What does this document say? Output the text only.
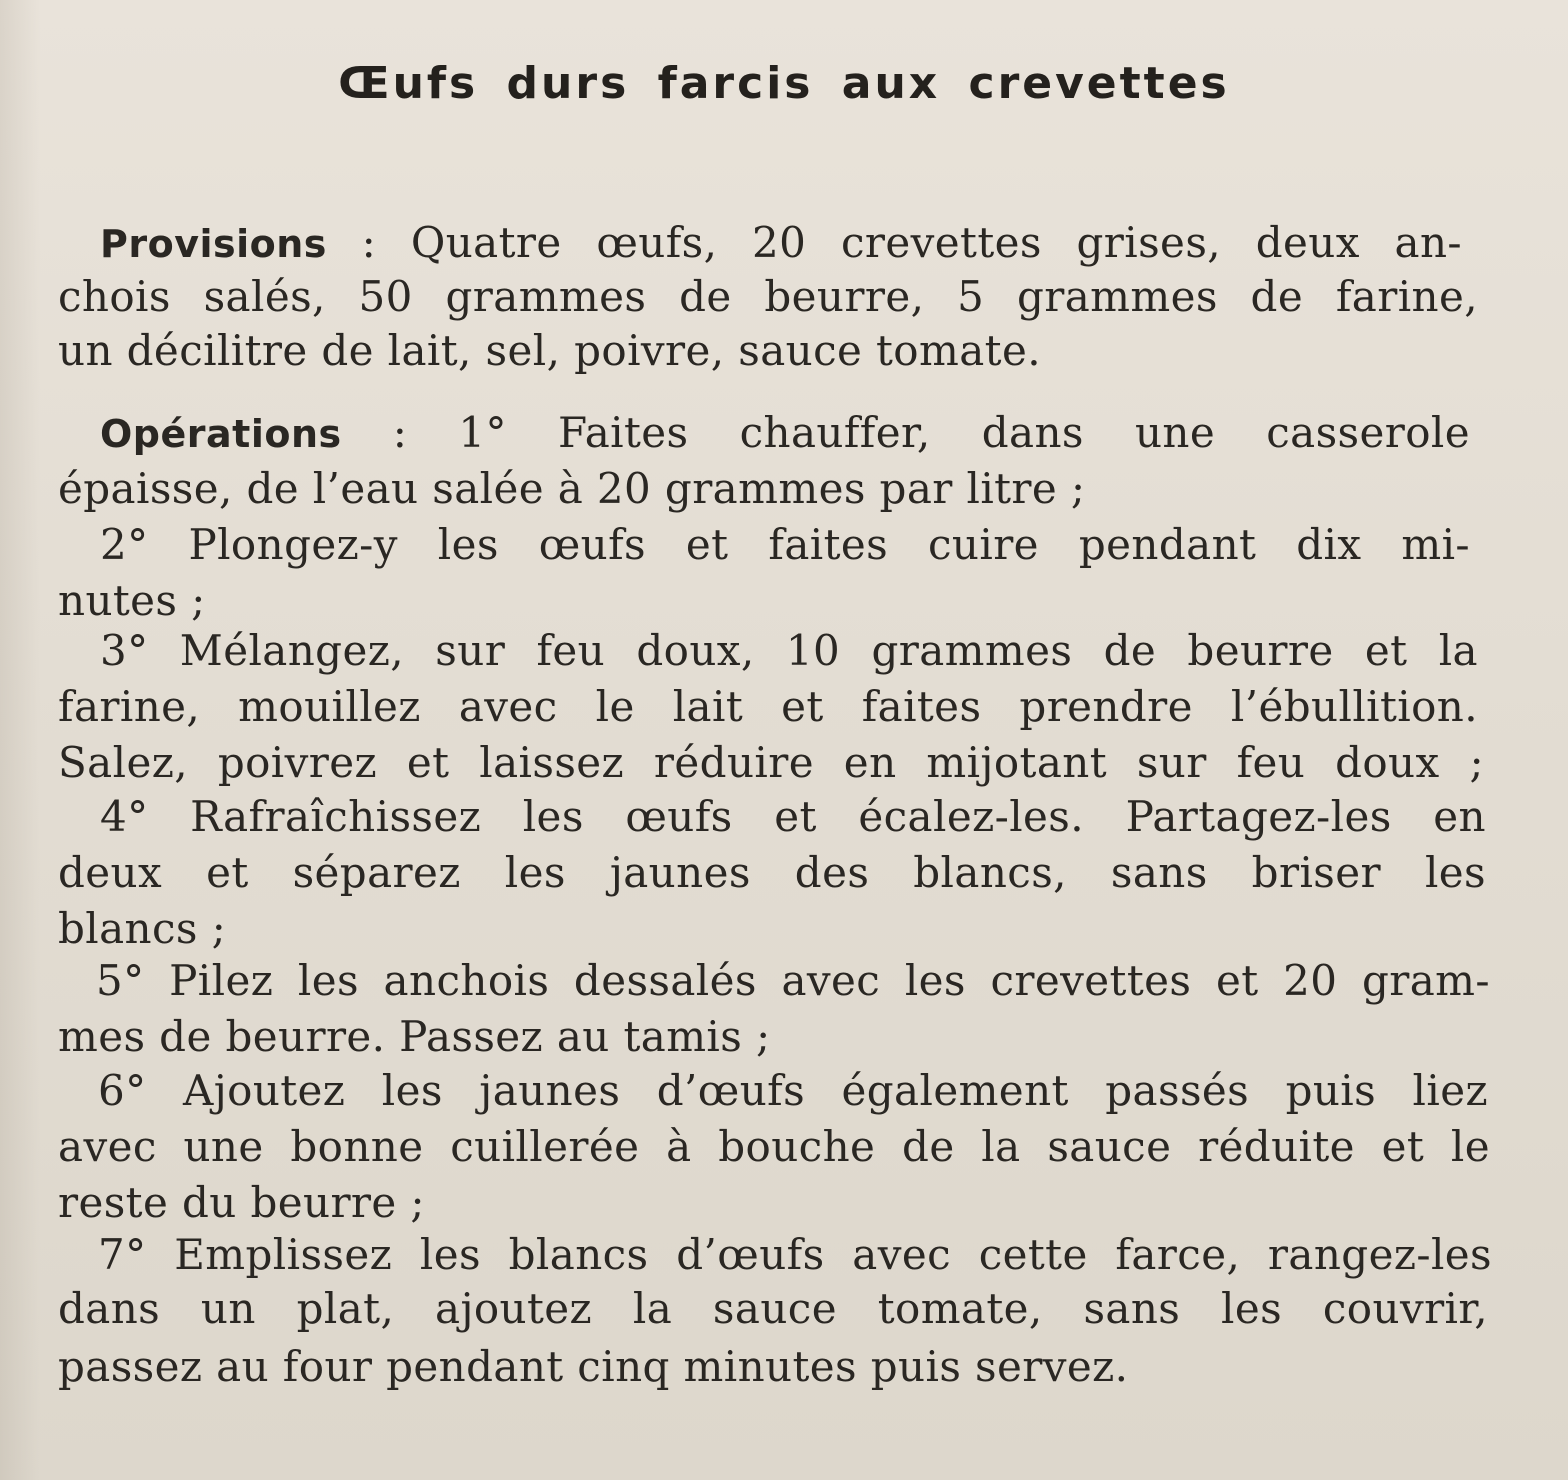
Œufs durs farcis aux crevettes
Provisions : Quatre œufs, 20 crevettes grises, deux an-
chois salés, 50 grammes de beurre, 5 grammes de farine,
un décilitre de lait, sel, poivre, sauce tomate.
Opérations : 1° Faites chauffer, dans une casserole
épaisse, de l’eau salée à 20 grammes par litre ;
2° Plongez-y les œufs et faites cuire pendant dix mi-
nutes ;
3° Mélangez, sur feu doux, 10 grammes de beurre et la
farine, mouillez avec le lait et faites prendre l’ébullition.
Salez, poivrez et laissez réduire en mijotant sur feu doux ;
4° Rafraîchissez les œufs et écalez-les. Partagez-les en
deux et séparez les jaunes des blancs, sans briser les
blancs ;
5° Pilez les anchois dessalés avec les crevettes et 20 gram-
mes de beurre. Passez au tamis ;
6° Ajoutez les jaunes d’œufs également passés puis liez
avec une bonne cuillerée à bouche de la sauce réduite et le
reste du beurre ;
7° Emplissez les blancs d’œufs avec cette farce, rangez-les
dans un plat, ajoutez la sauce tomate, sans les couvrir,
passez au four pendant cinq minutes puis servez.
